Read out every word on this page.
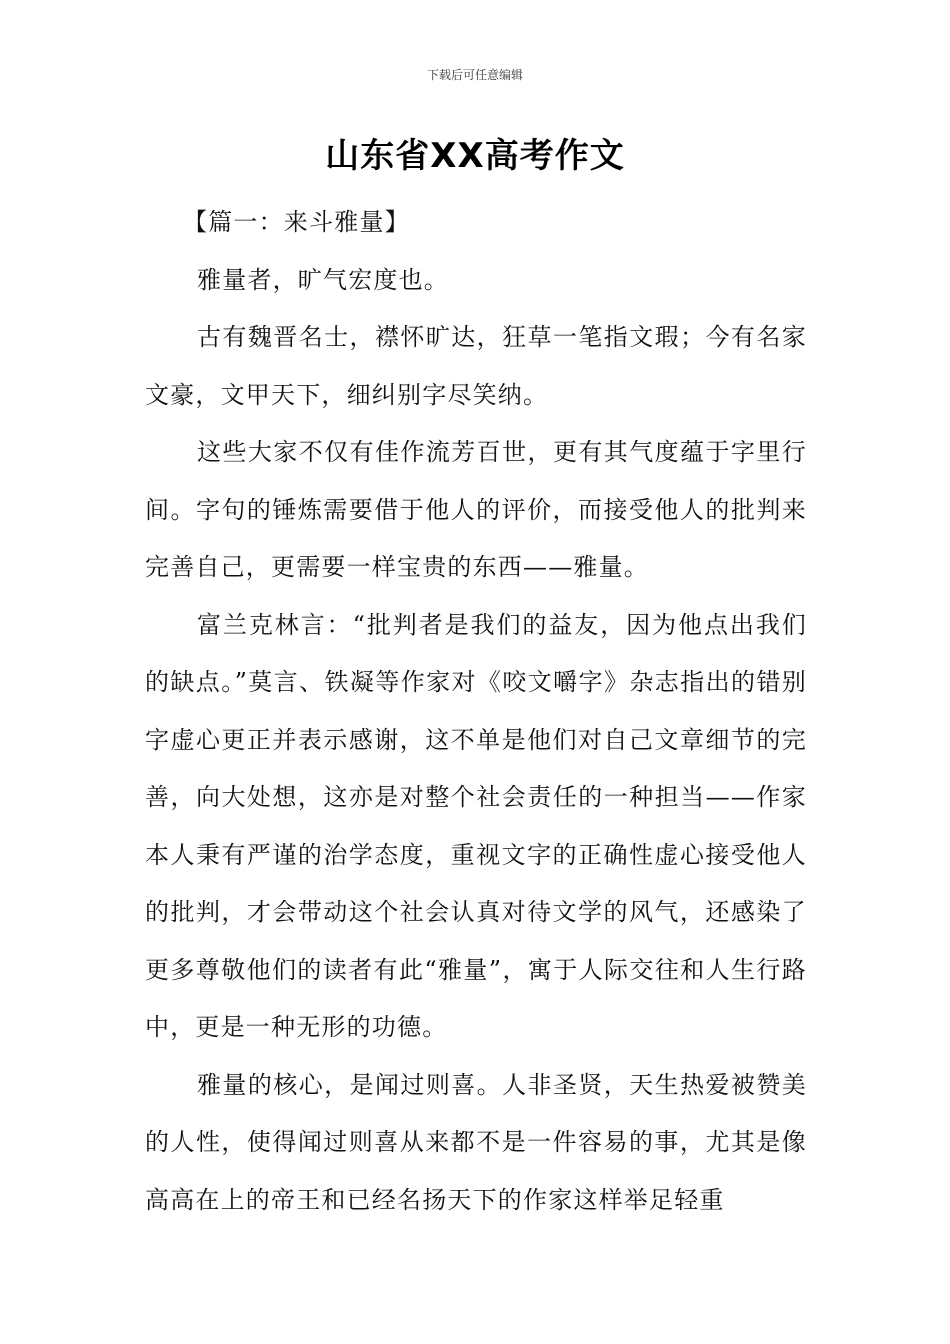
下载后可任意编辑
山东省XX高考作文

【篇一：来斗雅量】

雅量者，旷气宏度也。

古有魏晋名士，襟怀旷达，狂草一笔指文瑕；今有名家文豪，文甲天下，细纠别字尽笑纳。

这些大家不仅有佳作流芳百世，更有其气度蕴于字里行间。字句的锤炼需要借于他人的评价，而接受他人的批判来完善自己，更需要一样宝贵的东西——雅量。

富兰克林言：“批判者是我们的益友，因为他点出我们的缺点。”莫言、铁凝等作家对《咬文嚼字》杂志指出的错别字虚心更正并表示感谢，这不单是他们对自己文章细节的完善，向大处想，这亦是对整个社会责任的一种担当——作家本人秉有严谨的治学态度，重视文字的正确性虚心接受他人的批判，才会带动这个社会认真对待文学的风气，还感染了更多尊敬他们的读者有此“雅量”，寓于人际交往和人生行路中，更是一种无形的功德。

雅量的核心，是闻过则喜。人非圣贤，天生热爱被赞美的人性，使得闻过则喜从来都不是一件容易的事，尤其是像高高在上的帝王和已经名扬天下的作家这样举足轻重
